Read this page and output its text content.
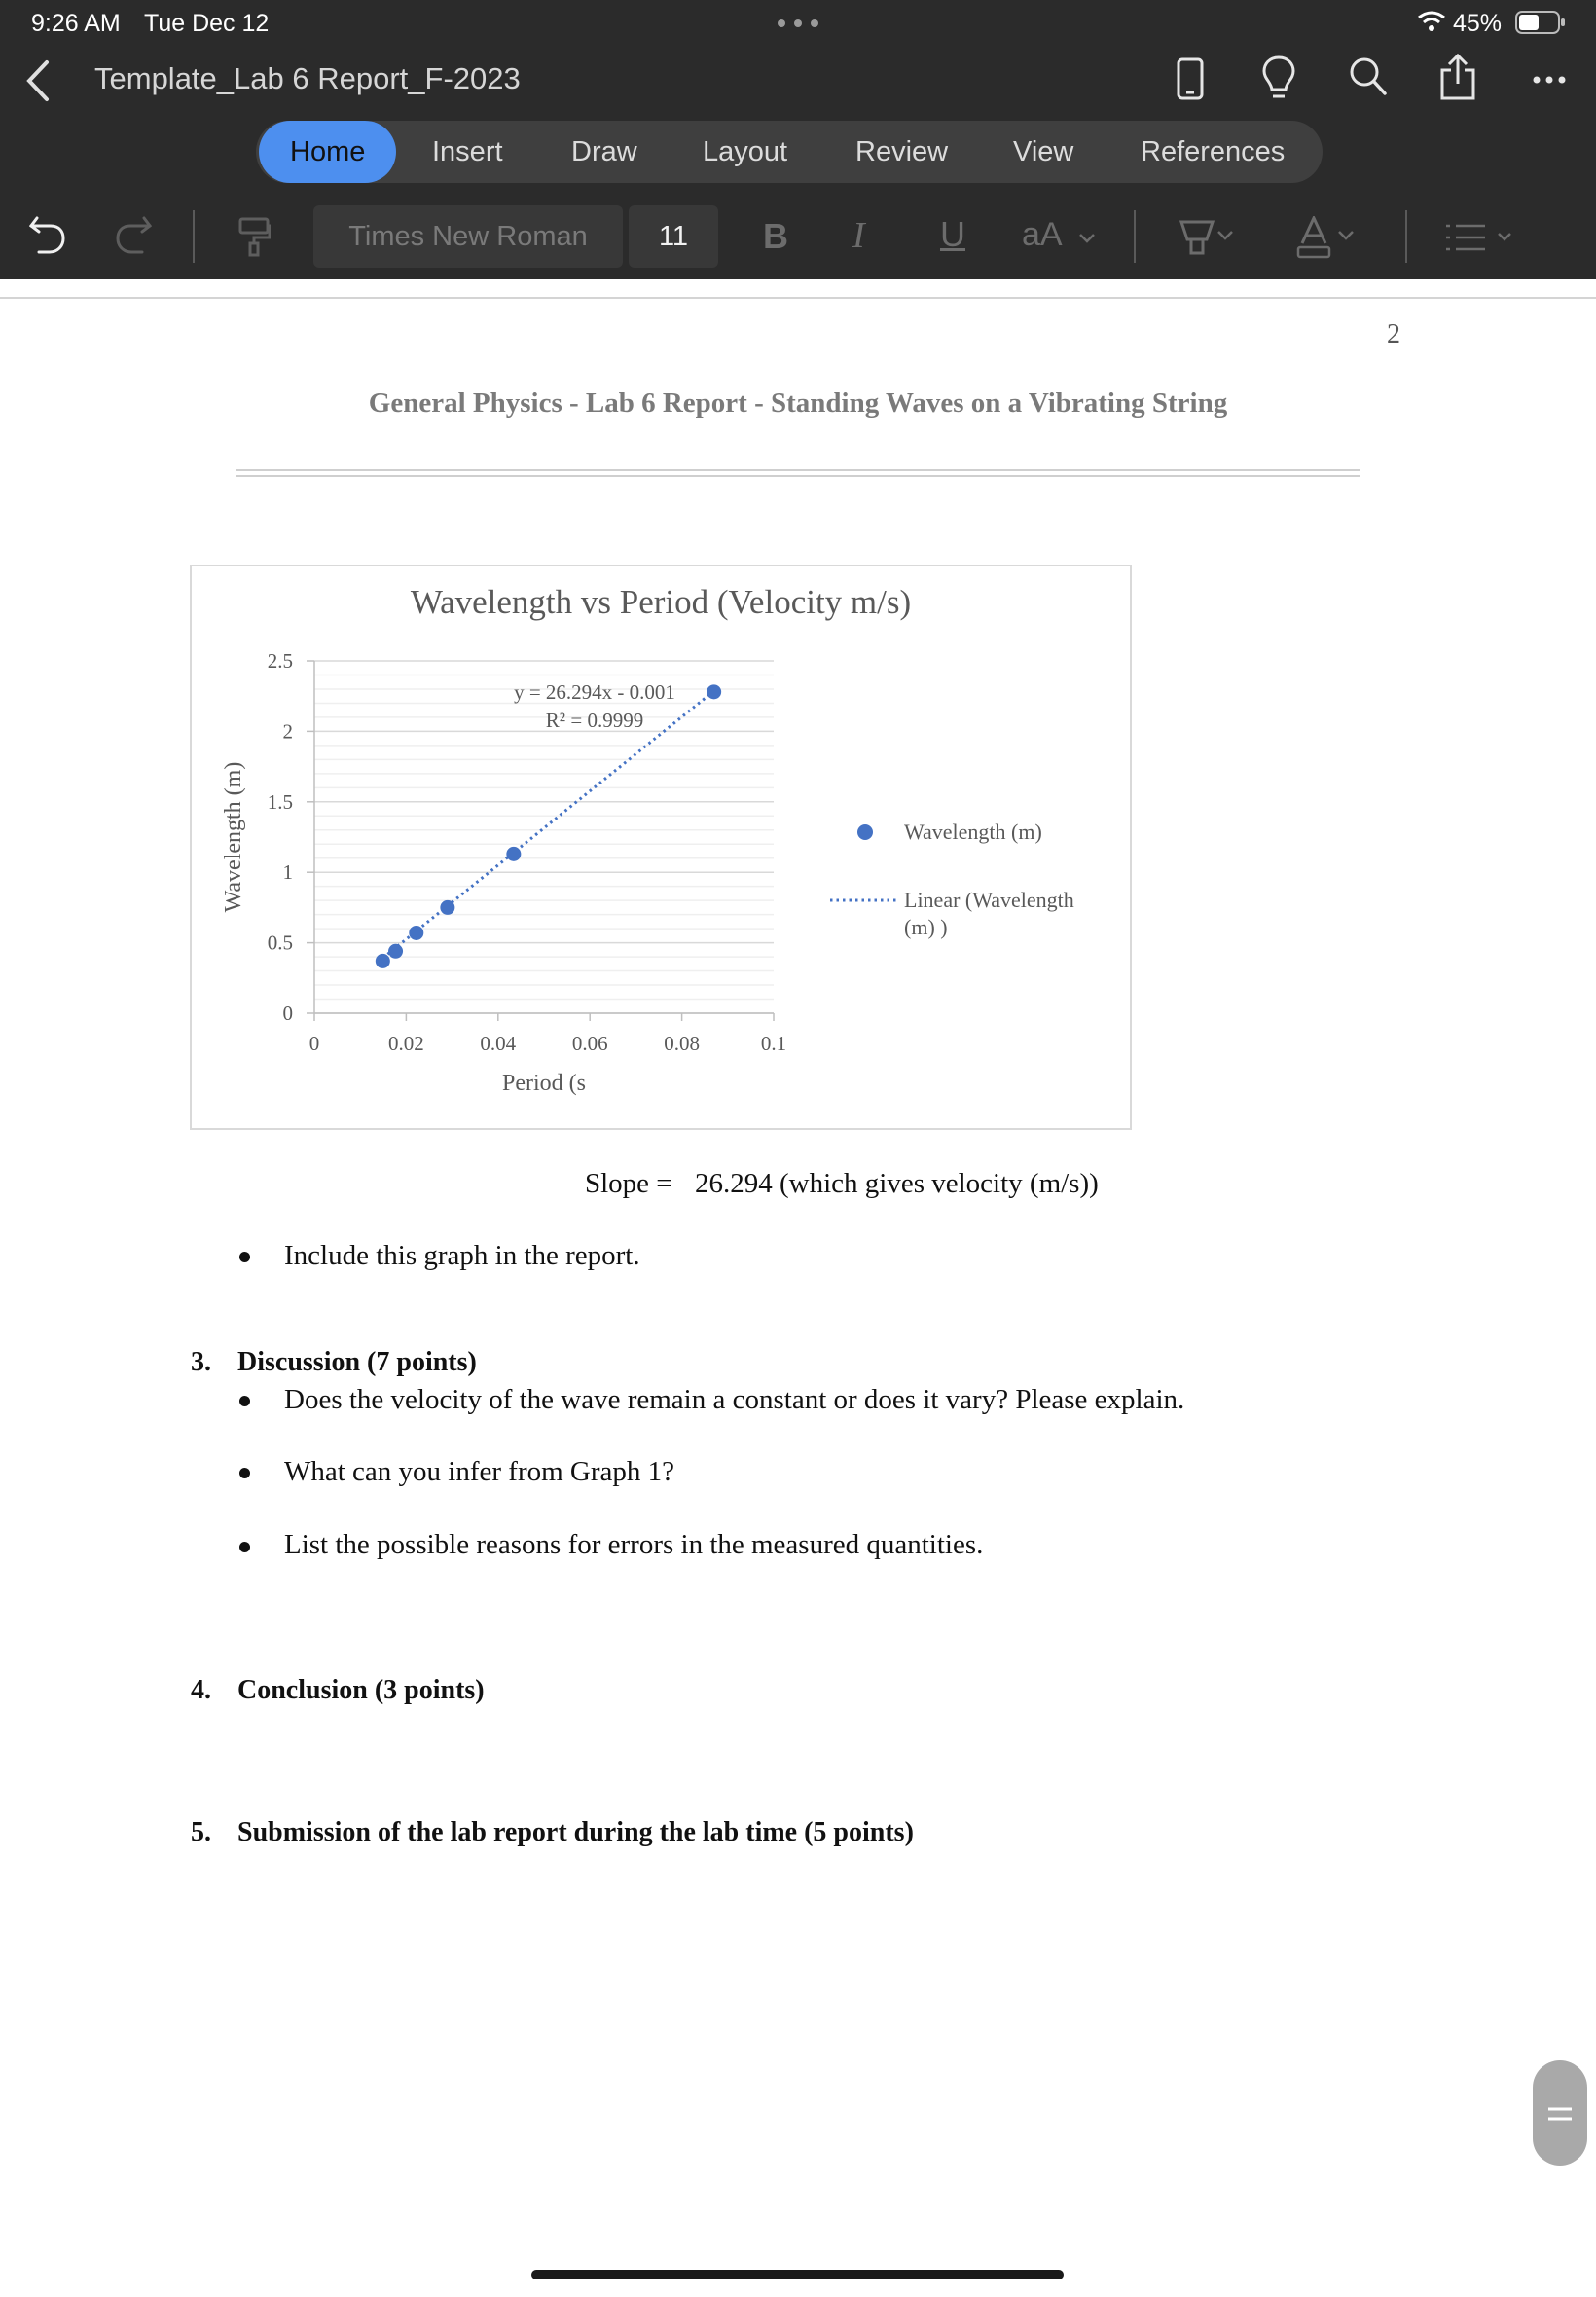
9:26 AM Tue Dec 12	45%
Template_Lab 6 Report_F-2023
Home	Insert	Draw	Layout	Review	View	References
Times New Roman	11	B I U aA
2
General Physics - Lab 6 Report - Standing Waves on a Vibrating String
0
0.5
1
1.5
2
2.5
0	0.02	0.04	0.06	0.08	0.1
Wavelength vs Period (Velocity m/s)
Period (s
Wavelength (m)
y = 26.294x - 0.001
R² = 0.9999
Wavelength (m)
Linear (Wavelength
(m) )
Slope = 26.294 (which gives velocity (m/s))
Include this graph in the report.
3. Discussion (7 points)
Does the velocity of the wave remain a constant or does it vary? Please explain.
What can you infer from Graph 1?
List the possible reasons for errors in the measured quantities.
4. Conclusion (3 points)
5. Submission of the lab report during the lab time (5 points)
